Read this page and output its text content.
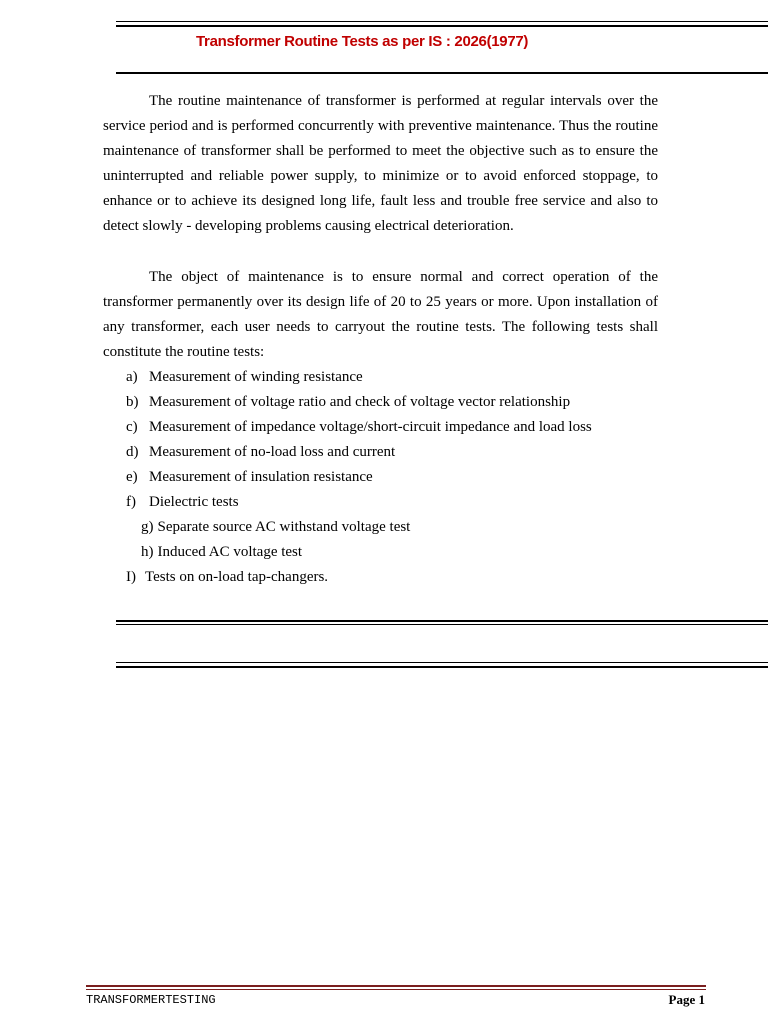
Transformer Routine Tests as per IS : 2026(1977)

The routine maintenance of transformer is performed at regular intervals over the service period and is performed concurrently with preventive maintenance. Thus the routine maintenance of transformer shall be performed to meet the objective such as to ensure the uninterrupted and reliable power supply, to minimize or to avoid enforced stoppage, to enhance or to achieve its designed long life, fault less and trouble free service and also to detect slowly - developing problems causing electrical deterioration.

The object of maintenance is to ensure normal and correct operation of the transformer permanently over its design life of 20 to 25 years or more. Upon installation of any transformer, each user needs to carryout the routine tests. The following tests shall constitute the routine tests:

a) Measurement of winding resistance
b) Measurement of voltage ratio and check of voltage vector relationship
c) Measurement of impedance voltage/short-circuit impedance and load loss
d) Measurement of no-load loss and current
e) Measurement of insulation resistance
f) Dielectric tests
g) Separate source AC withstand voltage test
h) Induced AC voltage test
I) Tests on on-load tap-changers.
TRANSFORMERTESTING	Page 1
